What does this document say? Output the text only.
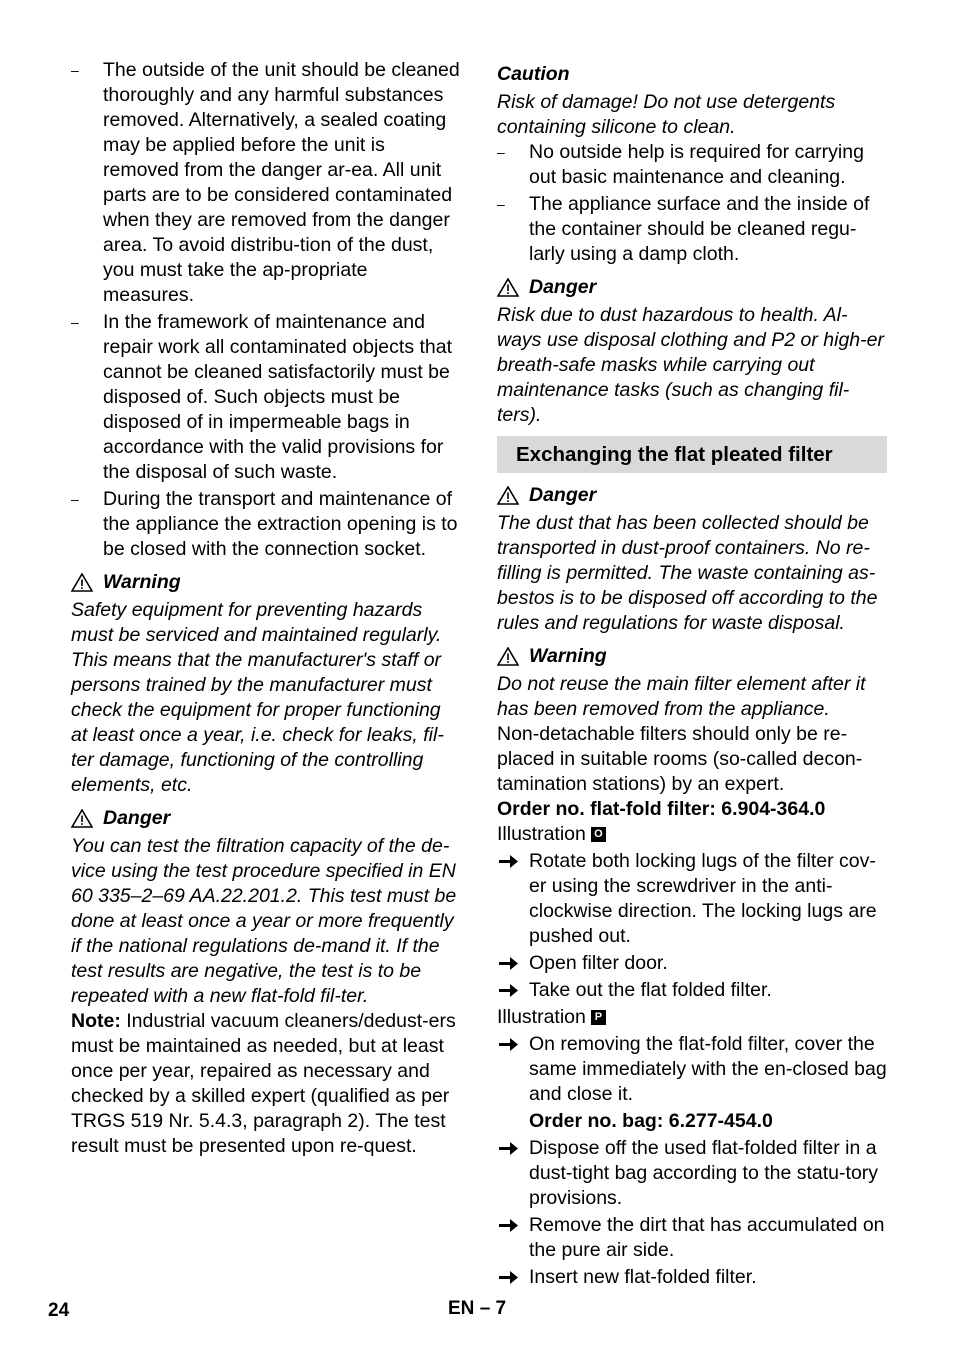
–	The outside of the unit should be cleaned thoroughly and any harmful substances removed. Alternatively, a sealed coating may be applied before the unit is removed from the danger ar-ea. All unit parts are to be considered contaminated when they are removed from the danger area. To avoid distribu-tion of the dust, you must take the ap-propriate measures.

–	In the framework of maintenance and repair work all contaminated objects that cannot be cleaned satisfactorily must be disposed of. Such objects must be disposed of in impermeable bags in accordance with the valid provisions for the disposal of such waste.

–	During the transport and maintenance of the appliance the extraction opening is to be closed with the connection socket.

Warning

Safety equipment for preventing hazards must be serviced and maintained regularly. This means that the manufacturer's staff or persons trained by the manufacturer must check the equipment for proper functioning at least once a year, i.e. check for leaks, fil-ter damage, functioning of the controlling elements, etc.

Danger

You can test the filtration capacity of the de-vice using the test procedure specified in EN 60 335–2–69 AA.22.201.2. This test must be done at least once a year or more frequently if the national regulations de-mand it. If the test results are negative, the test is to be repeated with a new flat-fold fil-ter.

Note: Industrial vacuum cleaners/dedust-ers must be maintained as needed, but at least once per year, repaired as necessary and checked by a skilled expert (qualified as per TRGS 519 Nr. 5.4.3, paragraph 2). The test result must be presented upon re-quest.

Caution

Risk of damage! Do not use detergents containing silicone to clean.

–	No outside help is required for carrying out basic maintenance and cleaning.

–	The appliance surface and the inside of the container should be cleaned regu-larly using a damp cloth.

Danger

Risk due to dust hazardous to health. Al-ways use disposal clothing and P2 or high-er breath-safe masks while carrying out maintenance tasks (such as changing fil-ters).

Exchanging the flat pleated filter
Danger

The dust that has been collected should be transported in dust-proof containers. No re-filling is permitted. The waste containing as-bestos is to be disposed off according to the rules and regulations for waste disposal.

Warning

Do not reuse the main filter element after it has been removed from the appliance.

Non-detachable filters should only be re-placed in suitable rooms (so-called decon-tamination stations) by an expert.

Order no. flat-fold filter: 6.904-364.0

Illustration O

Rotate both locking lugs of the filter cov-er using the screwdriver in the anti-clockwise direction. The locking lugs are pushed out.

Open filter door.

Take out the flat folded filter.

Illustration P

On removing the flat-fold filter, cover the same immediately with the en-closed bag and close it.

Order no. bag: 6.277-454.0

Dispose off the used flat-folded filter in a dust-tight bag according to the statu-tory provisions.

Remove the dirt that has accumulated on the pure air side.

Insert new flat-folded filter.

24	EN – 7
